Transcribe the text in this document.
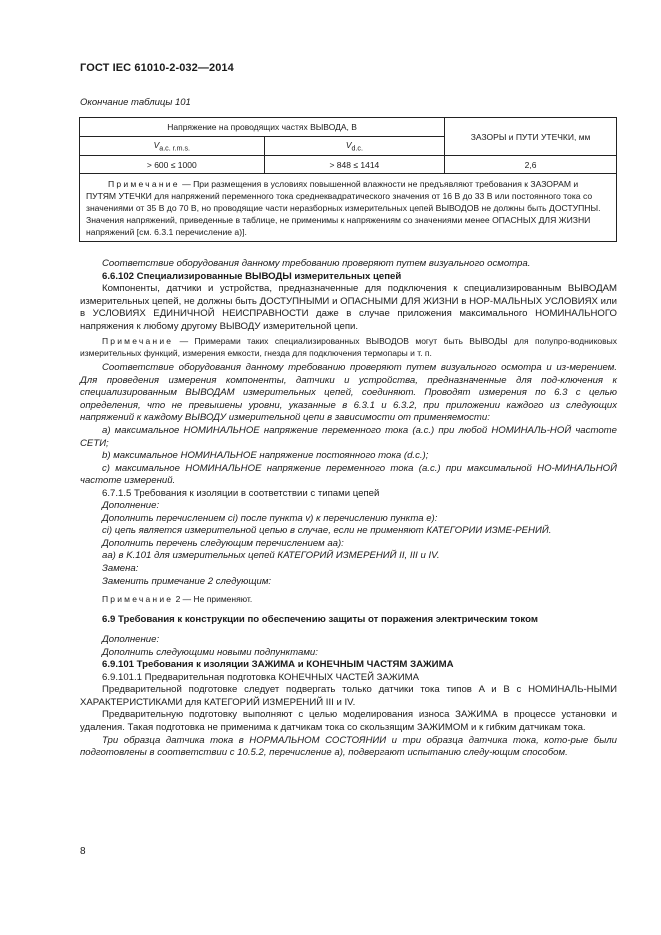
ГОСТ IEC 61010-2-032—2014
Окончание таблицы 101
Напряжение на проводящих частях ВЫВОДА, В		ЗАЗОРЫ и ПУТИ УТЕЧКИ, мм
$V_{a.c. r.m.s.}$	$V_{d.c.}$
> 600 ≤ 1000	> 848 ≤ 1414	2,6
Примечание — При размещения в условиях повышенной влажности не предъявляют требования к ЗАЗОРАМ и ПУТЯМ УТЕЧКИ для напряжений переменного тока среднеквадратического значения от 16 В до 33 В или постоянного тока со значениями от 35 В до 70 В, но проводящие части неразборных измерительных цепей ВЫВОДОВ не должны быть ДОСТУПНЫ. Значения напряжений, приведенные в таблице, не применимы к напряжениям со значениями менее ОПАСНЫХ ДЛЯ ЖИЗНИ напряжений [см. 6.3.1 перечисление a)].		

Соответствие оборудования данному требованию проверяют путем визуального осмотра.

6.6.102 Специализированные ВЫВОДЫ измерительных цепей

Компоненты, датчики и устройства, предназначенные для подключения к специализированным ВЫВОДАМ измерительных цепей, не должны быть ДОСТУПНЫМИ и ОПАСНЫМИ ДЛЯ ЖИЗНИ в НОР-МАЛЬНЫХ УСЛОВИЯХ или в УСЛОВИЯХ ЕДИНИЧНОЙ НЕИСПРАВНОСТИ даже в случае приложения максимального НОМИНАЛЬНОГО напряжения к любому другому ВЫВОДУ измерительной цепи.

Примечание — Примерами таких специализированных ВЫВОДОВ могут быть ВЫВОДЫ для полупро-водниковых измерительных функций, измерения емкости, гнезда для подключения термопары и т. п.

Соответствие оборудования данному требованию проверяют путем визуального осмотра и из-мерением. Для проведения измерения компоненты, датчики и устройства, предназначенные для под-ключения к специализированным ВЫВОДАМ измерительных цепей, соединяют. Проводят измерения по 6.3 с целью определения, что не превышены уровни, указанные в 6.3.1 и 6.3.2, при приложении каждого из следующих напряжений к каждому ВЫВОДУ измерительной цепи в зависимости от применяемости:

a) максимальное НОМИНАЛЬНОЕ напряжение переменного тока (a.c.) при любой НОМИНАЛЬ-НОЙ частоте СЕТИ;

b) максимальное НОМИНАЛЬНОЕ напряжение постоянного тока (d.c.);

c) максимальное НОМИНАЛЬНОЕ напряжение переменного тока (a.c.) при максимальной НО-МИНАЛЬНОЙ частоте измерений.

6.7.1.5 Требования к изоляции в соответствии с типами цепей

Дополнение:

Дополнить перечислением ci) после пункта v) к перечислению пункта e):

ci) цепь является измерительной цепью в случае, если не применяют КАТЕГОРИИ ИЗМЕ-РЕНИЙ.

Дополнить перечень следующим перечислением aa):

aa) в K.101 для измерительных цепей КАТЕГОРИЙ ИЗМЕРЕНИЙ II, III и IV.

Замена:

Заменить примечание 2 следующим:

Примечание 2 — Не применяют.

6.9 Требования к конструкции по обеспечению защиты от поражения электрическим током

Дополнение:

Дополнить следующими новыми подпунктами:

6.9.101 Требования к изоляции ЗАЖИМА и КОНЕЧНЫМ ЧАСТЯМ ЗАЖИМА

6.9.101.1 Предварительная подготовка КОНЕЧНЫХ ЧАСТЕЙ ЗАЖИМА

Предварительной подготовке следует подвергать только датчики тока типов A и B с НОМИНАЛЬ-НЫМИ ХАРАКТЕРИСТИКАМИ для КАТЕГОРИЙ ИЗМЕРЕНИЙ III и IV.

Предварительную подготовку выполняют с целью моделирования износа ЗАЖИМА в процессе установки и удаления. Такая подготовка не применима к датчикам тока со скользящим ЗАЖИМОМ и к гибким датчикам тока.

Три образца датчика тока в НОРМАЛЬНОМ СОСТОЯНИИ и три образца датчика тока, кото-рые были подготовлены в соответствии с 10.5.2, перечисление a), подвергают испытанию следу-ющим способом.

8
